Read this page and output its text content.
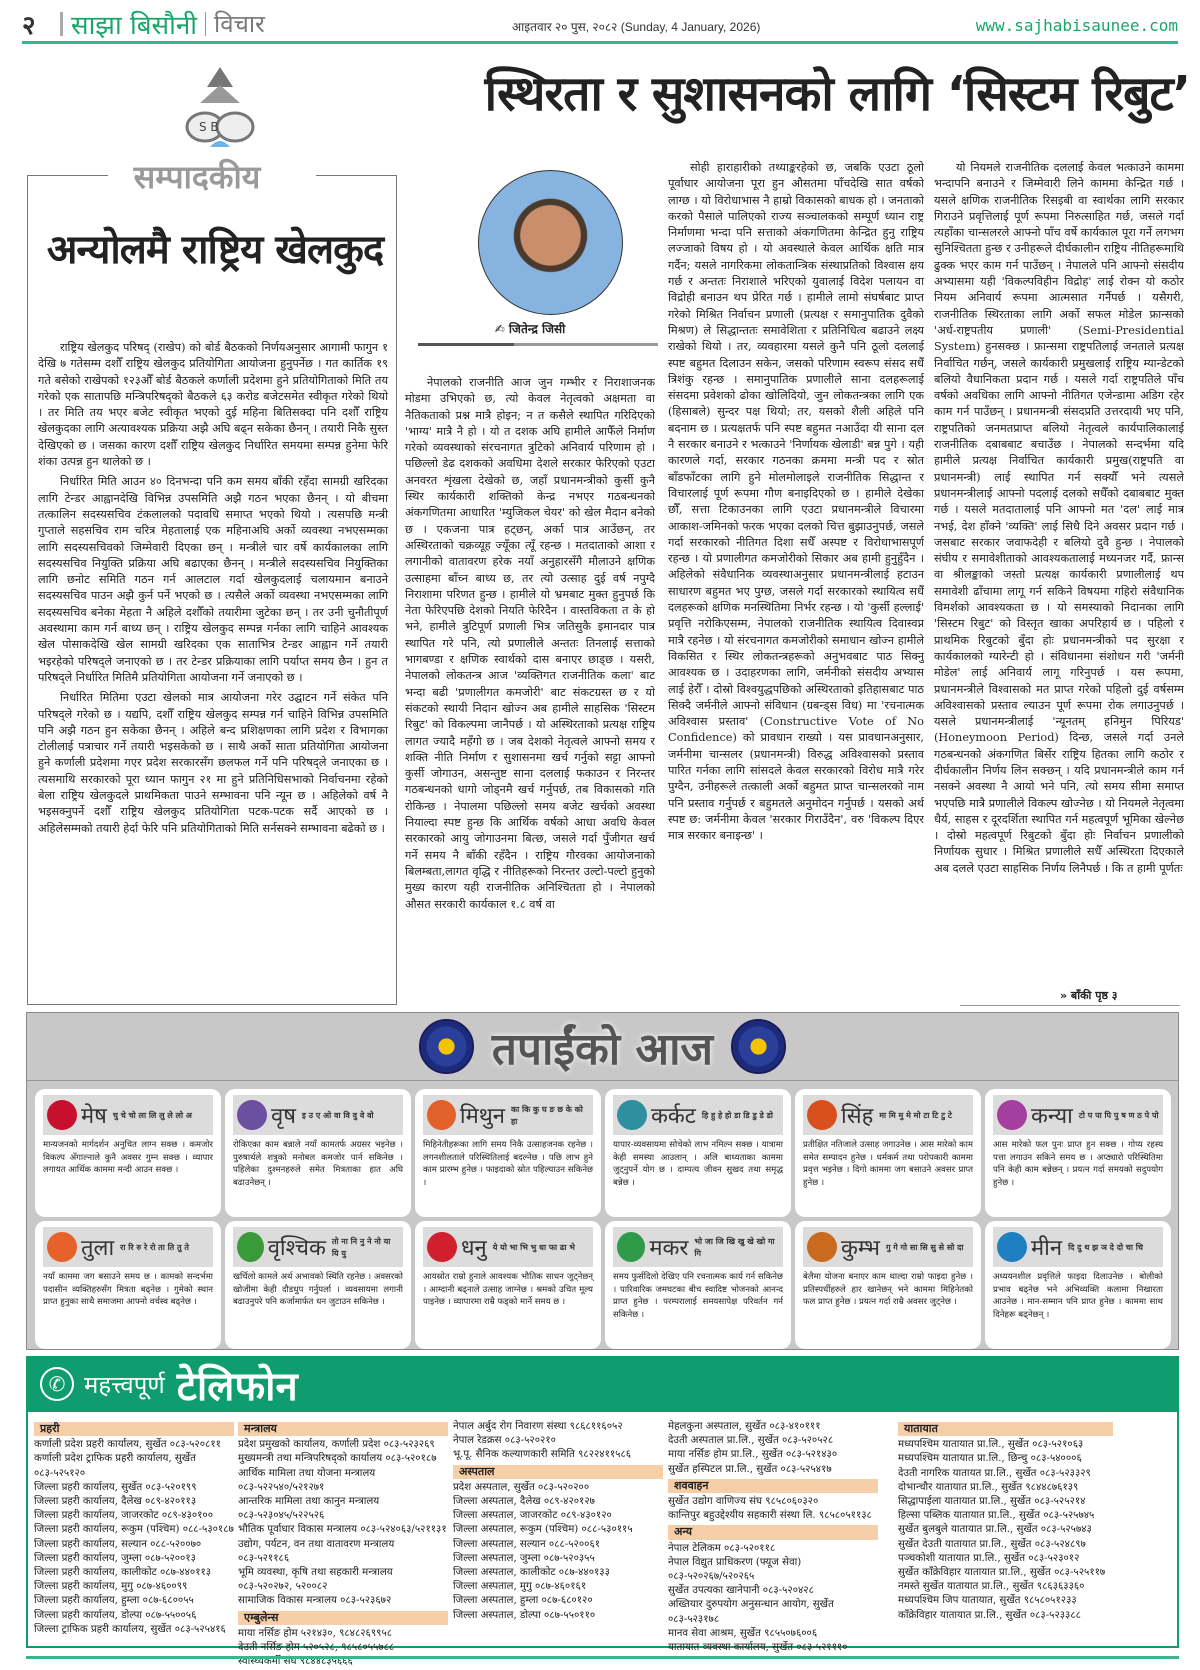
२	साझा बिसौनी विचार	आइतवार २० पुस, २०८२ (Sunday, 4 January, 2026)	www.sajhabisaunee.com
S B
सम्पादकीय
अन्योलमै राष्ट्रिय खेलकुद

राष्ट्रिय खेलकुद परिषद् (राखेप) को बोर्ड बैठकको निर्णयअनुसार आगामी फागुन १ देखि ७ गतेसम्म दशौँ राष्ट्रिय खेलकुद प्रतियोगिता आयोजना हुनुपर्नेछ । गत कार्तिक १९ गते बसेको राखेपको १२३औँ बोर्ड बैठकले कर्णाली प्रदेशमा हुने प्रतियोगिताको मिति तय गरेको एक सातापछि मन्त्रिपरिषद्को बैठकले ६३ करोड बजेटसमेत स्वीकृत गरेको थियो । तर मिति तय भएर बजेट स्वीकृत भएको दुई महिना बितिसक्दा पनि दशौँ राष्ट्रिय खेलकुदका लागि अत्यावश्यक प्रक्रिया अझै अघि बढ्न सकेका छैनन् । तयारी निकै सुस्त देखिएको छ । जसका कारण दशौँ राष्ट्रिय खेलकुद निर्धारित समयमा सम्पन्न हुनेमा फेरि शंका उत्पन्न हुन थालेको छ ।

निर्धारित मिति आउन ४० दिनभन्दा पनि कम समय बाँकी रहँदा सामग्री खरिदका लागि टेन्डर आह्वानदेखि विभिन्न उपसमिति अझै गठन भएका छैनन् । यो बीचमा तत्कालिन सदस्यसचिव टंकलालको पदावधि समाप्त भएको थियो । त्यसपछि मन्त्री गुप्ताले सहसचिव राम चरित्र मेहतालाई एक महिनाअघि अर्को व्यवस्था नभएसम्मका लागि सदस्यसचिवको जिम्मेवारी दिएका छन् । मन्त्रीले चार वर्षे कार्यकालका लागि सदस्यसचिव नियुक्ति प्रक्रिया अघि बढाएका छैनन् । मन्त्रीले सदस्यसचिव नियुक्तिका लागि छनोट समिति गठन गर्न आलटाल गर्दा खेलकुदलाई चलायमान बनाउने सदस्यसचिव पाउन अझै कुर्न पर्ने भएको छ । त्यसैले अर्को व्यवस्था नभएसम्मका लागि सदस्यसचिव बनेका मेहता नै अहिले दशौँको तयारीमा जुटेका छन् । तर उनी चुनौतीपूर्ण अवस्थामा काम गर्न बाध्य छन् । राष्ट्रिय खेलकुद सम्पन्न गर्नका लागि चाहिने आवश्यक खेल पोसाकदेखि खेल सामग्री खरिदका एक साताभित्र टेन्डर आह्वान गर्ने तयारी भइरहेको परिषद्ले जनाएको छ । तर टेन्डर प्रक्रियाका लागि पर्याप्त समय छैन । हुन त परिषद्ले निर्धारित मितिमै प्रतियोगिता आयोजना गर्ने जनाएको छ ।

निर्धारित मितिमा एउटा खेलको मात्र आयोजना गरेर उद्घाटन गर्ने संकेत पनि परिषद्ले गरेको छ । यद्यपि, दशौँ राष्ट्रिय खेलकुद सम्पन्न गर्न चाहिने विभिन्न उपसमिति पनि अझै गठन हुन सकेका छैनन् । अहिले बन्द प्रशिक्षणका लागि प्रदेश र विभागका टोलीलाई पत्राचार गर्ने तयारी भइसकेको छ । साथै अर्को साता प्रतियोगिता आयोजना हुने कर्णाली प्रदेशमा गएर प्रदेश सरकारसँग छलफल गर्ने पनि परिषद्ले जनाएका छ । त्यसमाथि सरकारको पूरा ध्यान फागुन २१ मा हुने प्रतिनिधिसभाको निर्वाचनमा रहेको बेला राष्ट्रिय खेलकुदले प्राथमिकता पाउने सम्भावना पनि न्यून छ । अहिलेको वर्ष नै भइसक्नुपर्ने दशौँ राष्ट्रिय खेलकुद प्रतियोगिता पटक-पटक सर्दै आएको छ । अहिलेसम्मको तयारी हेर्दा फेरि पनि प्रतियोगिताको मिति सर्नसक्ने सम्भावना बढेको छ ।

स्थिरता र सुशासनको लागि ‘सिस्टम रिबुट’
✍ जितेन्द्र जिसी

नेपालको राजनीति आज जुन गम्भीर र निराशाजनक मोडमा उभिएको छ, त्यो केवल नेतृत्वको अक्षमता वा नैतिकताको प्रश्न मात्रै होइन; न त कसैले स्थापित गरिदिएको 'भाग्य' मात्रै नै हो । यो त दशक अघि हामीले आफैँले निर्माण गरेको व्यवस्थाको संरचनागत त्रुटिको अनिवार्य परिणाम हो । पछिल्लो डेढ दशकको अवधिमा देशले सरकार फेरिएको एउटा अनवरत शृंखला देखेको छ, जहाँ प्रधानमन्त्रीको कुर्सी कुनै स्थिर कार्यकारी शक्तिको केन्द्र नभएर गठबन्धनको अंकगणितमा आधारित 'म्युजिकल चेयर' को खेल मैदान बनेको छ । एकजना पात्र हट्छन्, अर्का पात्र आउँछन्, तर अस्थिरताको चक्रव्यूह ज्यूँका त्यूँ रहन्छ । मतदाताको आशा र लगानीको वातावरण हरेक नयाँ अनुहारसँगै मौलाउने क्षणिक उत्साहमा बाँच्न बाध्य छ, तर त्यो उत्साह दुई वर्ष नपुग्दै निराशामा परिणत हुन्छ । हामीले यो भ्रमबाट मुक्त हुनुपर्छ कि नेता फेरिएपछि देशको नियति फेरिदैन । वास्तविकता त के हो भने, हामीले त्रुटिपूर्ण प्रणाली भित्र जतिसुकै इमानदार पात्र स्थापित गरे पनि, त्यो प्रणालीले अन्ततः तिनलाई सत्ताको भागबण्डा र क्षणिक स्वार्थको दास बनाएर छाड्छ । यसरी, नेपालको लोकतन्त्र आज 'व्यक्तिगत राजनीतिक कला' बाट भन्दा बढी 'प्रणालीगत कमजोरी' बाट संकटग्रस्त छ र यो संकटको स्थायी निदान खोज्न अब हामीले साहसिक 'सिस्टम रिबुट' को विकल्पमा जानैपर्छ । यो अस्थिरताको प्रत्यक्ष राष्ट्रिय लागत ज्यादै महँगो छ । जब देशको नेतृत्वले आफ्नो समय र शक्ति नीति निर्माण र सुशासनमा खर्च गर्नुको सट्टा आफ्नो कुर्सी जोगाउन, असन्तुष्ट साना दललाई फकाउन र निरन्तर गठबन्धनको धागो जोड्नमै खर्च गर्नुपर्छ, तब विकासको गति रोकिन्छ । नेपालमा पछिल्लो समय बजेट खर्चको अवस्था नियाल्दा स्पष्ट हुन्छ कि आर्थिक वर्षको आधा अवधि केवल सरकारको आयु जोगाउनमा बित्छ, जसले गर्दा पुँजीगत खर्च गर्ने समय नै बाँकी रहँदैन । राष्ट्रिय गौरवका आयोजनाको बिलम्बता,लागत वृद्धि र नीतिहरूको निरन्तर उल्टो-पल्टो हुनुको मुख्य कारण यही राजनीतिक अनिश्चितता हो । नेपालको औसत सरकारी कार्यकाल १.८ वर्ष वा

सोही हाराहारीको तथ्याङ्करहेको छ, जबकि एउटा ठूलो पूर्वाधार आयोजना पूरा हुन औसतमा पाँचदेखि सात वर्षको लाग्छ । यो विरोधाभास नै हाम्रो विकासको बाधक हो । जनताको करको पैसाले पालिएको राज्य सञ्चालकको सम्पूर्ण ध्यान राष्ट्र निर्माणमा भन्दा पनि सत्ताको अंकगणितमा केन्द्रित हुनु राष्ट्रिय लज्जाको विषय हो । यो अवस्थाले केवल आर्थिक क्षति मात्र गर्दैन; यसले नागरिकमा लोकतान्त्रिक संस्थाप्रतिको विश्वास क्षय गर्छ र अन्ततः निराशाले भरिएको युवालाई विदेश पलायन वा विद्रोही बनाउन थप प्रेरित गर्छ । हामीले लामो संघर्षबाट प्राप्त गरेको मिश्रित निर्वाचन प्रणाली (प्रत्यक्ष र समानुपातिक दुवैको मिश्रण) ले सिद्धान्ततः समावेशिता र प्रतिनिधित्व बढाउने लक्ष्य राखेको थियो । तर, व्यवहारमा यसले कुनै पनि ठूलो दललाई स्पष्ट बहुमत दिलाउन सकेन, जसको परिणाम स्वरूप संसद सधैँ त्रिशंकु रहन्छ । समानुपातिक प्रणालीले साना दलहरूलाई संसदमा प्रवेशको ढोका खोलिदियो, जुन लोकतन्त्रका लागि एक (हिसाबले) सुन्दर पक्ष थियो; तर, यसको शैली अहिले पनि बदनाम छ । प्रत्यक्षतर्फ पनि स्पष्ट बहुमत नआउँदा यी साना दल नै सरकार बनाउने र भत्काउने 'निर्णायक खेलाडी' बन्न पुगे । यही कारणले गर्दा, सरकार गठनका क्रममा मन्त्री पद र स्रोत बाँडफाँटका लागि हुने मोलमोलाइले राजनीतिक सिद्धान्त र विचारलाई पूर्ण रूपमा गौण बनाइदिएको छ । हामीले देखेका छौँ, सत्ता टिकाउनका लागि एउटा प्रधानमन्त्रीले विचारमा आकाश-जमिनको फरक भएका दलको चित्त बुझाउनुपर्छ, जसले गर्दा सरकारको नीतिगत दिशा सधैँ अस्पष्ट र विरोधाभासपूर्ण रहन्छ । यो प्रणालीगत कमजोरीको सिकार अब हामी हुनुहुँदैन । अहिलेको संवैधानिक व्यवस्थाअनुसार प्रधानमन्त्रीलाई हटाउन साधारण बहुमत भए पुग्छ, जसले गर्दा सरकारको स्थायित्व सधैँ दलहरूको क्षणिक मनस्थितिमा निर्भर रहन्छ । यो 'कुर्सी हल्लाई' प्रवृत्ति नरोकिएसम्म, नेपालको राजनीतिक स्थायित्व दिवास्वप्न मात्रै रहनेछ । यो संरचनागत कमजोरीको समाधान खोज्न हामीले विकसित र स्थिर लोकतन्त्रहरूको अनुभवबाट पाठ सिक्नु आवश्यक छ । उदाहरणका लागि, जर्मनीको संसदीय अभ्यास लाई हेरौँ । दोस्रो विश्वयुद्धपछिको अस्थिरताको इतिहासबाट पाठ सिक्दै जर्मनीले आफ्नो संविधान (ग्रबन्ड्स विध) मा 'रचनात्मक अविश्वास प्रस्ताव' (Constructive Vote of No Confidence) को प्रावधान राख्यो । यस प्रावधानअनुसार, जर्मनीमा चान्सलर (प्रधानमन्त्री) विरुद्ध अविश्वासको प्रस्ताव पारित गर्नका लागि सांसदले केवल सरकारको विरोध मात्रै गरेर पुग्दैन, उनीहरूले तत्काली अर्को बहुमत प्राप्त चान्सलरको नाम पनि प्रस्ताव गर्नुपर्छ र बहुमतले अनुमोदन गर्नुपर्छ । यसको अर्थ स्पष्ट छ: जर्मनीमा केवल 'सरकार गिराउँदैन', वरु 'विकल्प दिएर मात्र सरकार बनाइन्छ' ।

यो नियमले राजनीतिक दललाई केवल भत्काउने काममा भन्दापनि बनाउने र जिम्मेवारी लिने काममा केन्द्रित गर्छ । यसले क्षणिक राजनीतिक रिसइबी वा स्वार्थका लागि सरकार गिराउने प्रवृत्तिलाई पूर्ण रूपमा निरुत्साहित गर्छ, जसले गर्दा त्यहाँका चान्सलरले आफ्नो पाँच वर्षे कार्यकाल पूरा गर्ने लगभग सुनिश्चितता हुन्छ र उनीहरूले दीर्घकालीन राष्ट्रिय नीतिहरूमाथि ढुक्क भएर काम गर्न पाउँछन् । नेपालले पनि आफ्नो संसदीय अभ्यासमा यही 'विकल्पविहीन विद्रोह' लाई रोक्न यो कठोर नियम अनिवार्य रूपमा आत्मसात गर्नैपर्छ । यसैगरी, राजनीतिक स्थिरताका लागि अर्को सफल मोडेल फ्रान्सको 'अर्ध-राष्ट्रपतीय प्रणाली' (Semi-Presidential System) हुनसक्छ । फ्रान्समा राष्ट्रपतिलाई जनताले प्रत्यक्ष निर्वाचित गर्छन्, जसले कार्यकारी प्रमुखलाई राष्ट्रिय म्यान्डेटको बलियो वैधानिकता प्रदान गर्छ । यसले गर्दा राष्ट्रपतिले पाँच वर्षको अवधिका लागि आफ्नो नीतिगत एजेन्डामा अडिग रहेर काम गर्न पाउँछन् । प्रधानमन्त्री संसदप्रति उत्तरदायी भए पनि, राष्ट्रपतिको जनमतप्राप्त बलियो नेतृत्वले कार्यपालिकालाई राजनीतिक दबाबबाट बचाउँछ । नेपालको सन्दर्भमा यदि हामीले प्रत्यक्ष निर्वाचित कार्यकारी प्रमुख(राष्ट्रपति वा प्रधानमन्त्री) लाई स्थापित गर्न सक्यौँ भने त्यसले प्रधानमन्त्रीलाई आफ्नो पदलाई दलको सधैँको दबाबबाट मुक्त गर्छ । यसले मतदातालाई पनि आफ्नो मत 'दल' लाई मात्र नभई, देश हाँक्ने 'व्यक्ति' लाई सिधै दिने अवसर प्रदान गर्छ । जसबाट सरकार जवाफदेही र बलियो दुवै हुन्छ । नेपालको संघीय र समावेशीताको आवश्यकतालाई मध्यनजर गर्दै, फ्रान्स वा श्रीलङ्काको जस्तो प्रत्यक्ष कार्यकारी प्रणालीलाई थप समावेशी ढाँचामा लागू गर्न सकिने विषयमा गहिरो संवैधानिक विमर्शको आवश्यकता छ । यो समस्याको निदानका लागि 'सिस्टम रिबुट' को विस्तृत खाका अपरिहार्य छ । पहिलो र प्राथमिक रिबुटको बुँदा होः प्रधानमन्त्रीको पद सुरक्षा र कार्यकालको ग्यारेन्टी हो । संविधानमा संशोधन गरी 'जर्मनी मोडेल' लाई अनिवार्य लागू गरिनुपर्छ । यस रूपमा, प्रधानमन्त्रीले विश्वासको मत प्राप्त गरेको पहिलो दुई वर्षसम्म अविश्वासको प्रस्ताव ल्याउन पूर्ण रूपमा रोक लगाउनुपर्छ । यसले प्रधानमन्त्रीलाई 'न्यूनतम् हनिमुन पिरियड' (Honeymoon Period) दिन्छ, जसले गर्दा उनले गठबन्धनको अंकगणित बिर्सेर राष्ट्रिय हितका लागि कठोर र दीर्घकालीन निर्णय लिन सक्छन् । यदि प्रधानमन्त्रीले काम गर्न नसक्ने अवस्था नै आयो भने पनि, त्यो समय सीमा समाप्त भएपछि मात्रै प्रणालीले विकल्प खोज्नेछ । यो नियमले नेतृत्वमा धैर्य, साहस र दूरदर्शिता स्थापित गर्न महत्वपूर्ण भूमिका खेल्नेछ । दोस्रो महत्वपूर्ण रिबुटको बुँदा होः निर्वाचन प्रणालीको निर्णायक सुधार । मिश्रित प्रणालीले सधैँ अस्थिरता दिएकाले अब दलले एउटा साहसिक निर्णय लिनैपर्छ । कि त हामी पूर्णतः

» बाँकी पृष्ठ ३
तपाईंको आज
मेष चु चे चो ला लि लु ले लो अ
मान्यजनको मार्गदर्शन अनुचित लाग्न सक्छ । कमजोर विकल्प अँगाल्नाले कुनै अवसर गुम्न सक्छ । व्यापार लगायत आर्थिक काममा मन्दी आउन सक्छ ।
वृष इ उ ए ओ वा वि वु वे वो
रोकिएका काम बन्नाले नयाँ कामतर्फ अग्रसर भइनेछ । पुरुषार्थले शत्रुको मनोबल कमजोर पार्न सकिनेछ । पहिलेका दुश्मनहरुले समेत मित्रताका हात अघि बढाउनेछन् ।
मिथुन का कि कु घ ङ छ के को हा
मिहिनेतीहरूका लागि समय निकै उत्साहजनक रहनेछ । लगनशीलताले परिस्थितिलाई बदल्नेछ । पछि लाभ हुने काम प्रारम्भ हुनेछ । फाइदाको स्रोत पहिल्याउन सकिनेछ ।
कर्कट हि हु हे हो डा डि डु डे डो
यापार-व्यवसायमा सोचेको लाभ नमिल्न सक्छ । यात्रामा केही समस्या आउलान् । अलि बाध्यताका काममा जुट्नुपर्ने योग छ । दाम्पत्य जीवन सुखद तथा समृद्ध बन्नेछ ।
सिंह मा मि मु मे मो टा टि टु टे
प्रतीक्षित नतिजाले उत्साह जगाउनेछ । आस मारेको काम समेत सम्पादन हुनेछ । धर्मकर्म तथा परोपकारी काममा प्रवृत्त भइनेछ । दिगो काममा जग बसाउने अवसर प्राप्त हुनेछ ।
कन्या टो प पा पि पु ष ण ठ पे पो
आस मारेको फल पुनः प्राप्त हुन सक्छ । गोप्य रहस्य पत्ता लगाउन सकिने समय छ । अप्ठ्यारो परिस्थितिमा पनि केही काम बन्नेछन् । प्रयत्न गर्दा समयको सदुपयोग हुनेछ ।
तुला रा रि रु रे रो ता ति तु ते
नयाँ काममा जग बसाउने समय छ । कामको सन्दर्भमा पदासीन व्यक्तिहरुसँग मित्रता बढ्नेछ । गुमेको स्थान प्राप्त हुनुका साथै समाजमा आफ्नो वर्चस्व बढ्नेछ ।
वृश्चिक तो ना नि नु ने नो या यि यु
खर्चिलो कामले अर्थ अभावको स्थिति रहनेछ । अवसरको खोजीमा केही दौडधुप गर्नुपर्ला । व्यवसायमा लगानी बढाउनुपरे पनि कर्जामार्फत धन जुटाउन सकिनेछ ।
धनु ये यो भा भि भु धा फा ढा भे
आयस्रोत राम्रो हुनाले आवश्यक भौतिक साधन जुट्नेछन् । आम्दानी बढ्नाले उत्साह जाग्नेछ । श्रमको उचित मूल्य पाइनेछ । व्यापारमा राम्रै फड्को मार्ने समय छ ।
मकर भो जा जि खि खु खे खो गा गि
समय फुर्सदिलो देखिए पनि रचनात्मक कार्य गर्न सकिनेछ । पारिवारिक जमघटका बीच स्वादिष्ट भोजनको आनन्द प्राप्त हुनेछ । परम्परालाई समयसापेक्ष परिवर्तन गर्न सकिनेछ ।
कुम्भ गु गे गो सा सि सु से सो दा
बेलैमा योजना बनाएर काम थाल्दा राम्रो फाइदा हुनेछ । प्रतिस्पर्धीहरुले हार खानेछन् भने काममा मिहिनेतको फल प्राप्त हुनेछ । प्रयत्न गर्दा राम्रै अवसर जुट्नेछ ।
मीन दि दु थ झ ञ दे दो चा चि
अध्ययनशील प्रवृत्तिले फाइदा दिलाउनेछ । बोलीको प्रभाव बढ्नेछ भने अभिव्यक्ति कलामा निखारता आउनेछ । मान-सम्मान पनि प्राप्त हुनेछ । काममा साथ दिनेहरू बढ्नेछन् ।
✆ महत्त्वपूर्ण टेलिफोन
प्रहरी
कर्णाली प्रदेश प्रहरी कार्यालय, सुर्खेत ०८३-५२०८११
कर्णाली प्रदेश ट्राफिक प्रहरी कार्यालय, सुर्खेत ०८३-५२५१२०
जिल्ला प्रहरी कार्यालय, सुर्खेत ०८३-५२०१९९
जिल्ला प्रहरी कार्यालय, दैलेख ०८९-४२०११३
जिल्ला प्रहरी कार्यालय, जाजरकोट ०८९-४३०१००
जिल्ला प्रहरी कार्यालय, रूकुम (पश्चिम) ०८८-५३०१८७
जिल्ला प्रहरी कार्यालय, सल्यान ०८८-५२००७०
जिल्ला प्रहरी कार्यालय, जुम्ला ०८७-५२००१३
जिल्ला प्रहरी कार्यालय, कालीकोट ०८७-४४०११३
जिल्ला प्रहरी कार्यालय, मुगु ०८७-४६००९९
जिल्ला प्रहरी कार्यालय, हुम्ला ०८७-६८००५५
जिल्ला प्रहरी कार्यालय, डोल्पा ०८७-५५००५६
जिल्ला ट्राफिक प्रहरी कार्यालय, सुर्खेत ०८३-५२५४१६
मन्त्रालय
प्रदेश प्रमुखको कार्यालय, कर्णाली प्रदेश ०८३-५२३२६९
मुख्यमन्त्री तथा मन्त्रिपरिषद्को कार्यालय ०८३-५२०१८७
आर्थिक मामिला तथा योजना मन्त्रालय ०८३-५२२५४०/५२१२७१
आन्तरिक मामिला तथा कानुन मन्त्रालय ०८३-५२३०४५/५२२५२६
भौतिक पूर्वाधार विकास मन्त्रालय ०८३-५२४०६३/५२११३१
उद्योग, पर्यटन, वन तथा वातावरण मन्त्रालय ०८३-५२११८६
भूमि व्यवस्था, कृषि तथा सहकारी मन्त्रालय ०८३-५२०२७२, ५२००८२
सामाजिक विकास मन्त्रालय ०८३-५२३६७२
एम्बुलेन्स
माया नर्सिङ होम ५२१४३०, ९८४८२६९९५८
देउती नर्सिङ होम ५२०५२८, ९८५८०५५७८८
स्वास्थ्यकर्मी संघ ९८४४८३५६६६
नेपाल अर्बुद रोग निवारण संस्था ९८६८११६०५२
नेपाल रेडक्रस ०८३-५२०२१०
भू.पू. सैनिक कल्याणकारी समिति ९८२२४११५८६
अस्पताल
प्रदेश अस्पताल, सुर्खेत ०८३-५२०२००
जिल्ला अस्पताल, दैलेख ०८९-४२०१२७
जिल्ला अस्पताल, जाजरकोट ०८९-४३०१२०
जिल्ला अस्पताल, रूकुम (पश्चिम) ०८८-५३०११५
जिल्ला अस्पताल, सल्यान ०८८-५२००६१
जिल्ला अस्पताल, जुम्ला ०८७-५२०३५५
जिल्ला अस्पताल, कालीकोट ०८७-४४०१३३
जिल्ला अस्पताल, मुगु ०८७-४६०१६१
जिल्ला अस्पताल, हुम्ला ०८७-६८०१२०
जिल्ला अस्पताल, डोल्पा ०८७-५५०११०
मेहलकुना अस्पताल, सुर्खेत ०८३-४१०१११
देउती अस्पताल प्रा.लि., सुर्खेत ०८३-५२०५२८
माया नर्सिङ होम प्रा.लि., सुर्खेत ०८३-५२१४३०
सुर्खेत हस्पिटल प्रा.लि., सुर्खेत ०८३-५२५४१७
शववाहन
सुर्खेत उद्योग वाणिज्य संघ ९८५८०६०३२०
कान्तिपुर बहुउद्देश्यीय सहकारी संस्था लि. ९८५८०५११३८
अन्य
नेपाल टेलिकम ०८३-५२०११८
नेपाल विद्युत प्राधिकरण (फ्यूज सेवा) ०८३-५२०२६७/५२०२६५
सुर्खेत उपत्यका खानेपानी ०८३-५२०४२८
अख्तियार दुरुपयोग अनुसन्धान आयोग, सुर्खेत ०८३-५२३१७८
मानव सेवा आश्रम, सुर्खेत ९८५५०७६००६
यातायात व्यवस्था कार्यालय, सुर्खेत ०८३-५२१११०
यातायात
मध्यपश्चिम यातायात प्रा.लि., सुर्खेत ०८३-५२१०६३
मध्यपश्चिम यातायात प्रा.लि., छिन्चु ०८३-५४०००६
देउती नागरिक यातायत प्रा.लि., सुर्खेत ०८३-५२३३२९
दोभान्चौर यातायात प्रा.लि., सुर्खेत ९८४४८७६१३९
सिद्धापाईला यातायात प्रा.लि., सुर्खेत ०८३-५२५२१४
हिल्सा पब्लिक यातायात प्रा.लि., सुर्खेत ०८३-५२५७४५
सुर्खेत बुलबुले यातायात प्रा.लि., सुर्खेत ०८३-५२५७४३
सुर्खेत देउती यातायात प्रा.लि., सुर्खेत ०८३-५२४८९७
पञ्चकोशी यातायात प्रा.लि., सुर्खेत ०८३-५२३०१२
सुर्खेत काँक्रेविहार यातायात प्रा.लि., सुर्खेत ०८३-५२५११७
नमस्ते सुर्खेत यातायात प्रा.लि., सुर्खेत ९८६३६३३६०
मध्यपश्चिम जिप यातायात, सुर्खेत ९८५८०५१२३३
काँक्रेविहार यातायात प्रा.लि., सुर्खेत ०८३-५२३३८८
